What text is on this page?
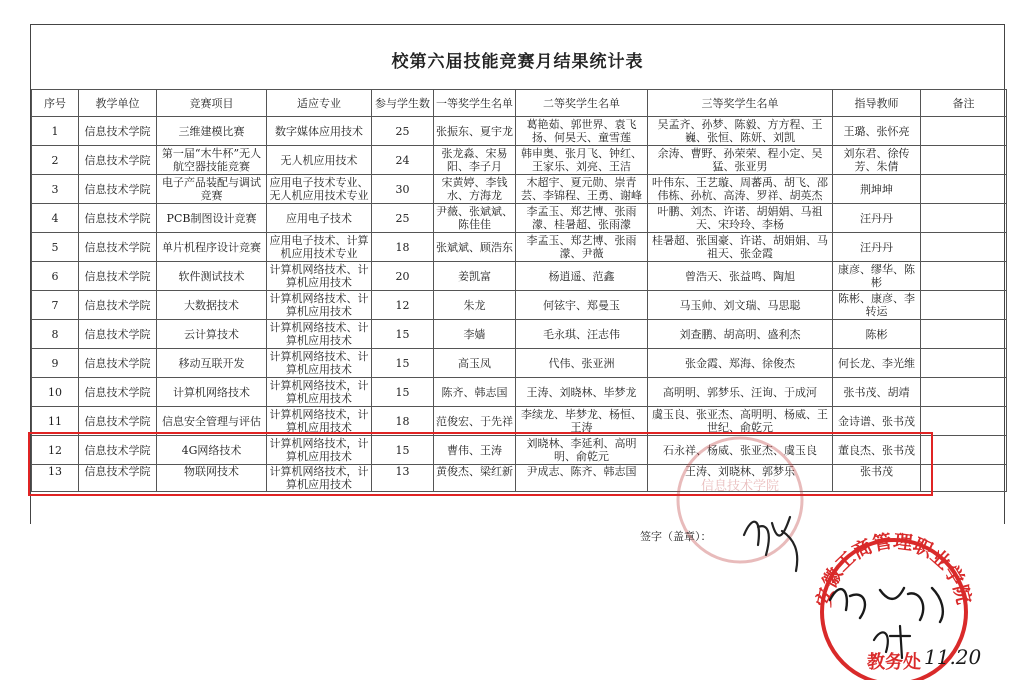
校第六届技能竞赛月结果统计表
序号	教学单位	竞赛项目	适应专业	参与学生数	一等奖学生名单	二等奖学生名单	三等奖学生名单	指导教师	备注
1	信息技术学院	三维建模比赛	数字媒体应用技术	25	张振东、夏宇龙	葛艳茹、郭世界、袁飞扬、何昊天、童雪莲	吴孟齐、孙梦、陈毅、方方程、王巍、张恒、陈妍、刘凯	王璐、张怀亮	
2	信息技术学院	第一届“木牛杯”无人航空器技能竞赛	无人机应用技术	24	张龙淼、宋易阳、李子月	韩申奥、张月飞、钟红、王家乐、刘亮、王洁	余涛、曹野、孙荣荣、程小定、吴猛、张亚男	刘东君、徐传芳、朱倩	
3	信息技术学院	电子产品装配与调试竞赛	应用电子技术专业、无人机应用技术专业	30	宋黄婷、李钱水、方海龙	木超宇、夏元勋、崇青芸、李锦程、王勇、谢峰	叶伟东、王艺璇、周蕃禹、胡飞、邵伟栋、孙杭、高涛、罗祥、胡英杰	荆坤坤	
4	信息技术学院	PCB制图设计竞赛	应用电子技术	25	尹薇、张斌斌、陈佳佳	李孟玉、郑艺博、张雨濛、桂暑超、张雨濛	叶鹏、刘杰、许诺、胡娟娟、马祖天、宋玲玲、李杨	汪丹丹	
5	信息技术学院	单片机程序设计竞赛	应用电子技术、计算机应用技术专业	18	张斌斌、顾浩东	李孟玉、郑艺博、张雨濛、尹薇	桂暑超、张国豪、许诺、胡娟娟、马祖天、张金霞	汪丹丹	
6	信息技术学院	软件测试技术	计算机网络技术、计算机应用技术	20	姜凯富	杨逍遥、范鑫	曾浩天、张益鸣、陶旭	康彦、缪华、陈彬	
7	信息技术学院	大数据技术	计算机网络技术、计算机应用技术	12	朱龙	何铉宇、郑曼玉	马玉帅、刘文瑞、马思聪	陈彬、康彦、李转运	
8	信息技术学院	云计算技术	计算机网络技术、计算机应用技术	15	李嫱	毛永琪、汪志伟	刘查鹏、胡高明、盛利杰	陈彬	
9	信息技术学院	移动互联开发	计算机网络技术、计算机应用技术	15	高玉凤	代伟、张亚洲	张金霞、郑海、徐俊杰	何长龙、李光维	
10	信息技术学院	计算机网络技术	计算机网络技术，计算机应用技术	15	陈齐、韩志国	王涛、刘晓林、毕梦龙	高明明、郭梦乐、汪询、于成河	张书茂、胡靖	
11	信息技术学院	信息安全管理与评估	计算机网络技术，计算机应用技术	18	范俊宏、于先祥	李续龙、毕梦龙、杨恒、王涛	虞玉良、张亚杰、高明明、杨威、王世纪、俞乾元	金诗谱、张书茂	
12	信息技术学院	4G网络技术	计算机网络技术，计算机应用技术	15	曹伟、王涛	刘晓林、李延利、高明明、俞乾元	石永祥、杨威、张亚杰、虞玉良	董良杰、张书茂	
13	信息技术学院	物联网技术	计算机网络技术，计算机应用技术	13	黄俊杰、梁红新	尹成志、陈齐、韩志国	王涛、刘晓林、郭梦乐	张书茂	
信息技术学院
签字（盖章）：
安徽工商管理职业学院
教务处 11.20
